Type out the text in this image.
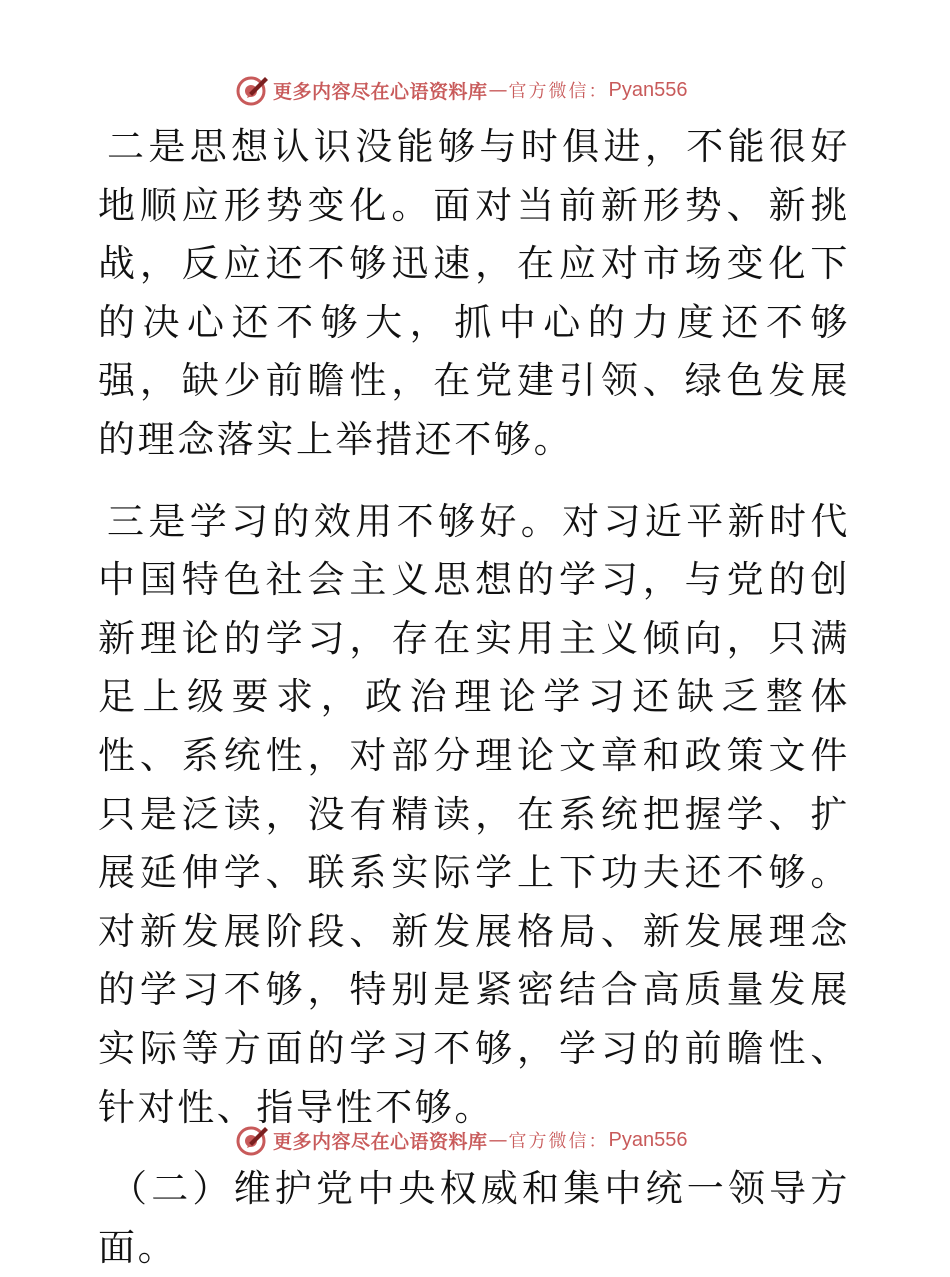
更多内容尽在心语资料库 — 官方微信： Pyan556

二是思想认识没能够与时俱进，不能很好地顺应形势变化。面对当前新形势、新挑战，反应还不够迅速，在应对市场变化下的决心还不够大，抓中心的力度还不够强，缺少前瞻性，在党建引领、绿色发展的理念落实上举措还不够。

三是学习的效用不够好。对习近平新时代中国特色社会主义思想的学习，与党的创新理论的学习，存在实用主义倾向，只满足上级要求，政治理论学习还缺乏整体性、系统性，对部分理论文章和政策文件只是泛读，没有精读，在系统把握学、扩展延伸学、联系实际学上下功夫还不够。对新发展阶段、新发展格局、新发展理念的学习不够，特别是紧密结合高质量发展实际等方面的学习不够，学习的前瞻性、针对性、指导性不够。

（二）维护党中央权威和集中统一领导方面。

更多内容尽在心语资料库 — 官方微信： Pyan556
